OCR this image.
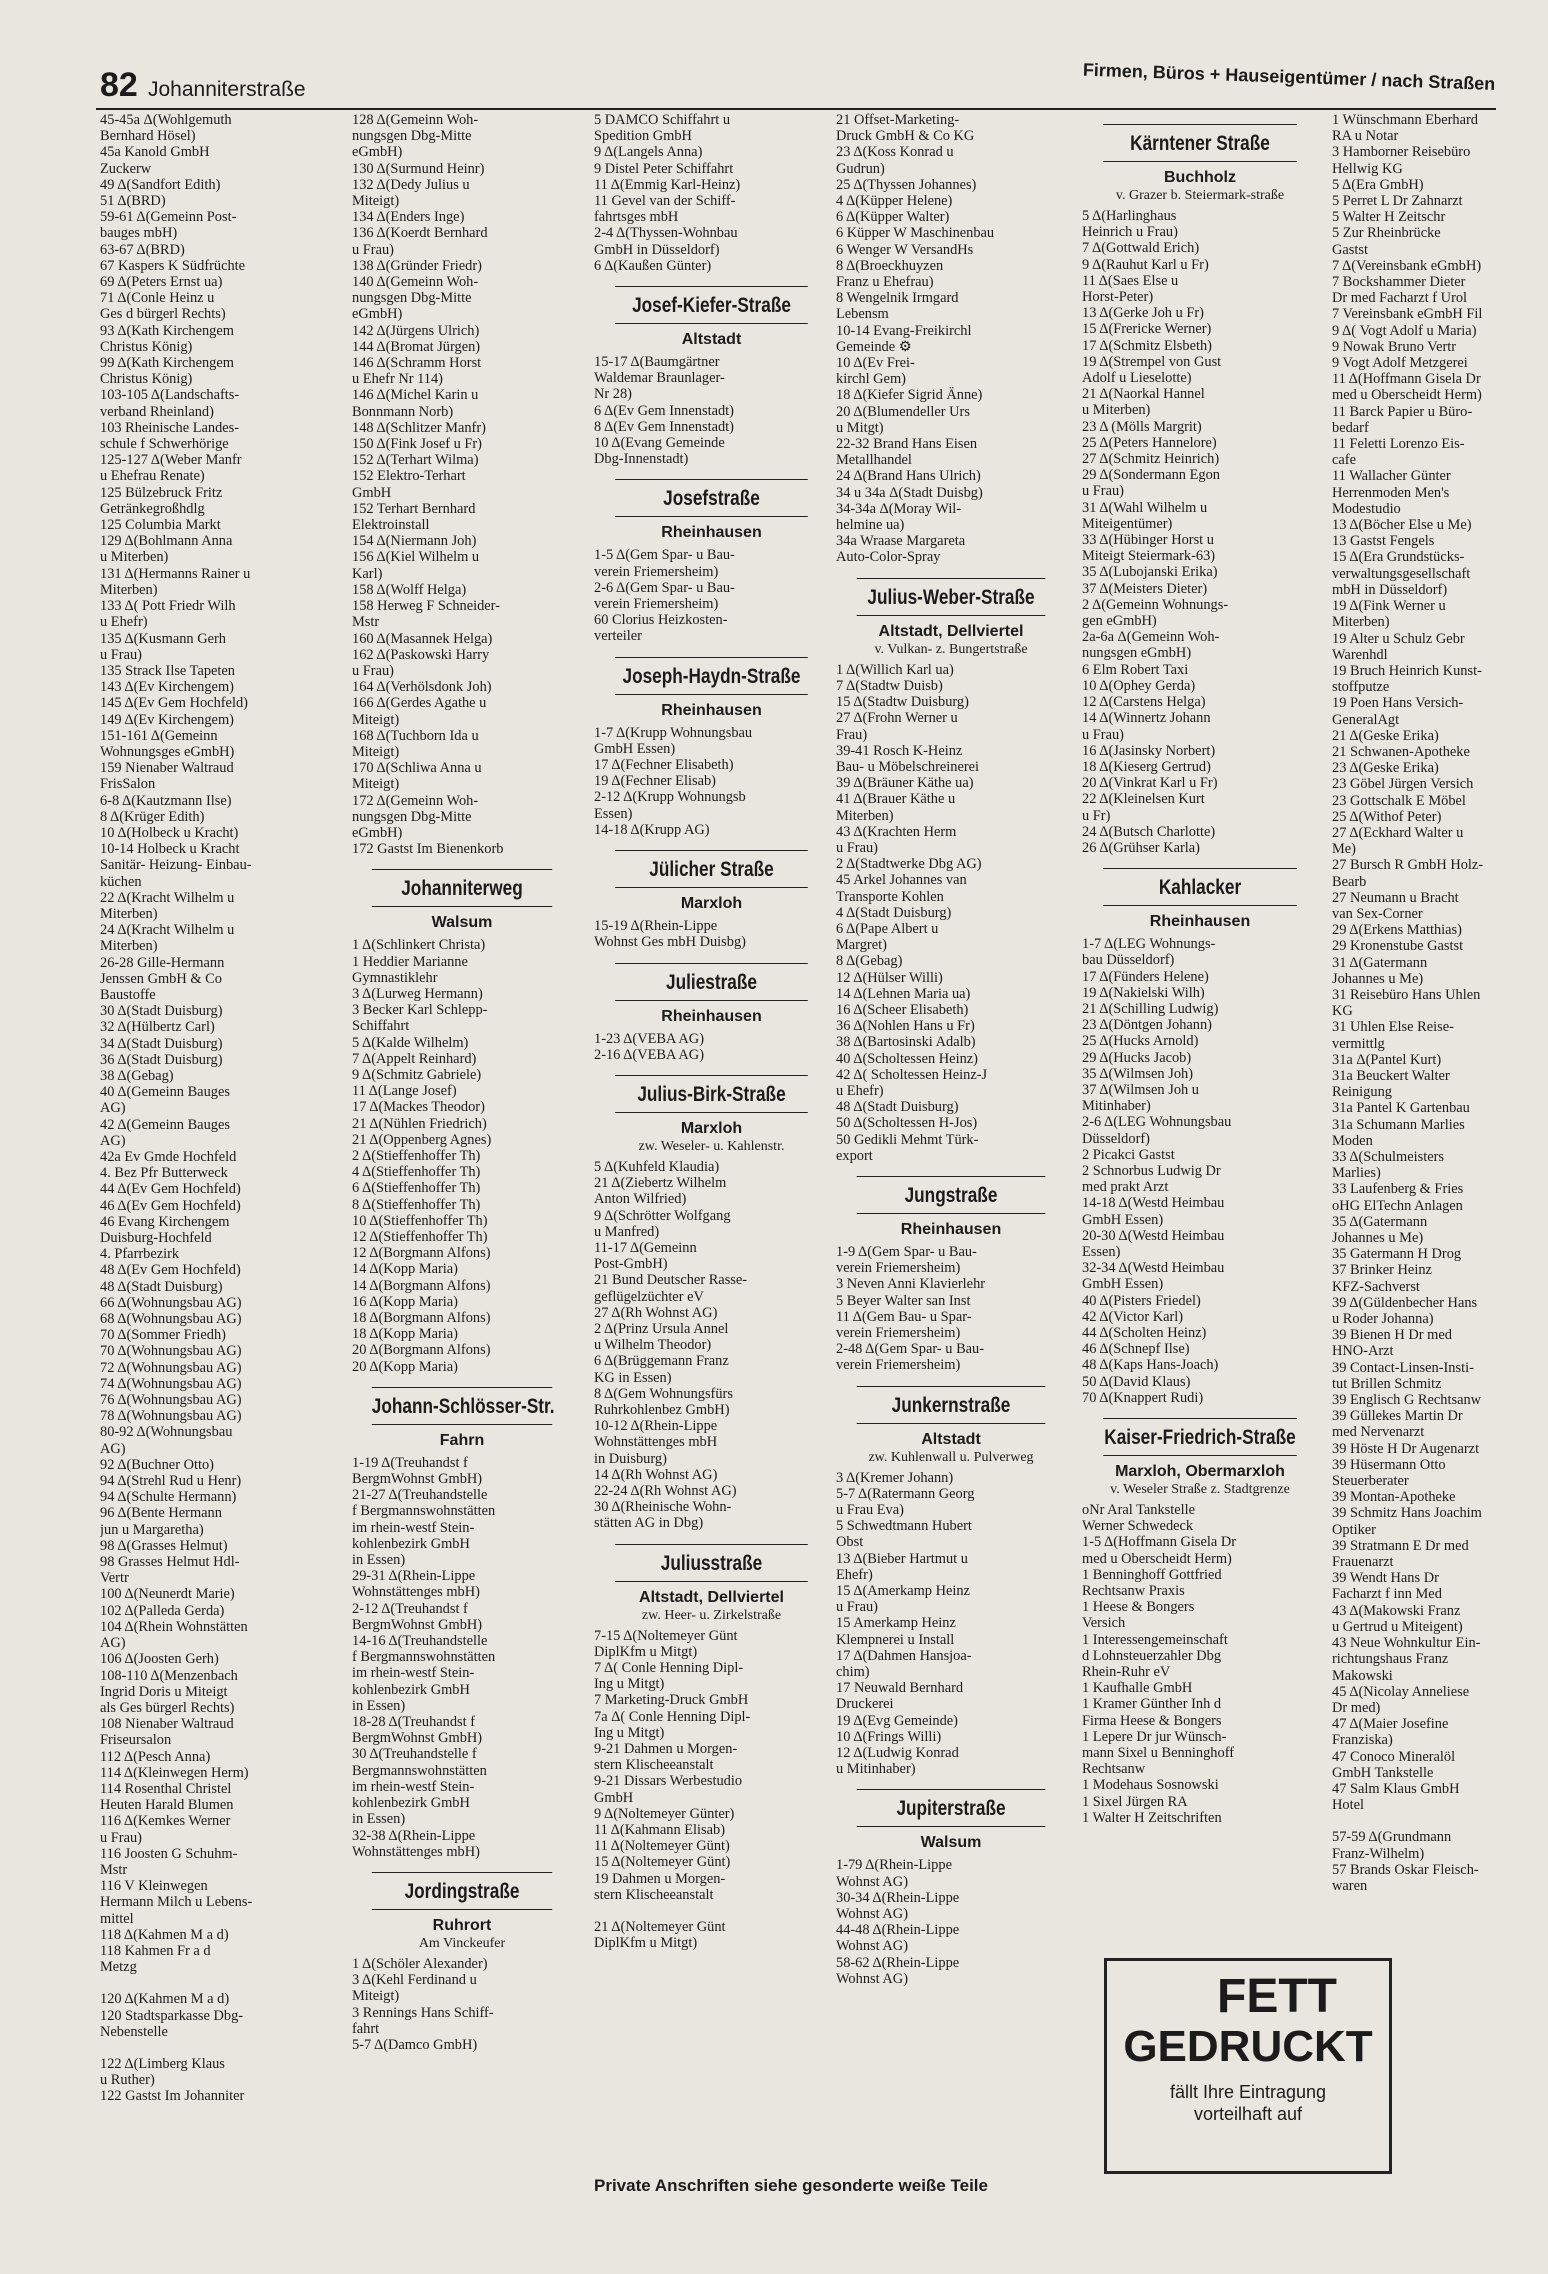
82 Johanniterstraße	Firmen, Büros + Hauseigentümer / nach Straßen
45-45a Δ(Wohlgemuth
Bernhard Hösel)
45a Kanold GmbH
Zuckerw
49 Δ(Sandfort Edith)
51 Δ(BRD)
59-61 Δ(Gemeinn Post-
bauges mbH)
63-67 Δ(BRD)
67 Kaspers K Südfrüchte
69 Δ(Peters Ernst ua)
71 Δ(Conle Heinz u
Ges d bürgerl Rechts)
93 Δ(Kath Kirchengem
Christus König)
99 Δ(Kath Kirchengem
Christus König)
103-105 Δ(Landschafts-
verband Rheinland)
103 Rheinische Landes-
schule f Schwerhörige
125-127 Δ(Weber Manfr
u Ehefrau Renate)
125 Bülzebruck Fritz
Getränkegroßhdlg
125 Columbia Markt
129 Δ(Bohlmann Anna
u Miterben)
131 Δ(Hermanns Rainer u
Miterben)
133 Δ( Pott Friedr Wilh
u Ehefr)
135 Δ(Kusmann Gerh
u Frau)
135 Strack Ilse Tapeten
143 Δ(Ev Kirchengem)
145 Δ(Ev Gem Hochfeld)
149 Δ(Ev Kirchengem)
151-161 Δ(Gemeinn
Wohnungsges eGmbH)
159 Nienaber Waltraud
FrisSalon
6-8 Δ(Kautzmann Ilse)
8 Δ(Krüger Edith)
10 Δ(Holbeck u Kracht)
10-14 Holbeck u Kracht
Sanitär- Heizung- Einbau-
küchen
22 Δ(Kracht Wilhelm u
Miterben)
24 Δ(Kracht Wilhelm u
Miterben)
26-28 Gille-Hermann
Jenssen GmbH & Co
Baustoffe
30 Δ(Stadt Duisburg)
32 Δ(Hülbertz Carl)
34 Δ(Stadt Duisburg)
36 Δ(Stadt Duisburg)
38 Δ(Gebag)
40 Δ(Gemeinn Bauges
AG)
42 Δ(Gemeinn Bauges
AG)
42a Ev Gmde Hochfeld
4. Bez Pfr Butterweck
44 Δ(Ev Gem Hochfeld)
46 Δ(Ev Gem Hochfeld)
46 Evang Kirchengem
Duisburg-Hochfeld
4. Pfarrbezirk
48 Δ(Ev Gem Hochfeld)
48 Δ(Stadt Duisburg)
66 Δ(Wohnungsbau AG)
68 Δ(Wohnungsbau AG)
70 Δ(Sommer Friedh)
70 Δ(Wohnungsbau AG)
72 Δ(Wohnungsbau AG)
74 Δ(Wohnungsbau AG)
76 Δ(Wohnungsbau AG)
78 Δ(Wohnungsbau AG)
80-92 Δ(Wohnungsbau
AG)
92 Δ(Buchner Otto)
94 Δ(Strehl Rud u Henr)
94 Δ(Schulte Hermann)
96 Δ(Bente Hermann
jun u Margaretha)
98 Δ(Grasses Helmut)
98 Grasses Helmut Hdl-
Vertr
100 Δ(Neunerdt Marie)
102 Δ(Palleda Gerda)
104 Δ(Rhein Wohnstätten
AG)
106 Δ(Joosten Gerh)
108-110 Δ(Menzenbach
Ingrid Doris u Miteigt
als Ges bürgerl Rechts)
108 Nienaber Waltraud
Friseursalon
112 Δ(Pesch Anna)
114 Δ(Kleinwegen Herm)
114 Rosenthal Christel
Heuten Harald Blumen
116 Δ(Kemkes Werner
u Frau)
116 Joosten G Schuhm-
Mstr
116 V Kleinwegen
Hermann Milch u Lebens-
mittel
118 Δ(Kahmen M a d)
118 Kahmen Fr a d
Metzg
120 Δ(Kahmen M a d)
120 Stadtsparkasse Dbg-
Nebenstelle
122 Δ(Limberg Klaus
u Ruther)
122 Gastst Im Johanniter
128 Δ(Gemeinn Woh-
nungsgen Dbg-Mitte
eGmbH)
130 Δ(Surmund Heinr)
132 Δ(Dedy Julius u
Miteigt)
134 Δ(Enders Inge)
136 Δ(Koerdt Bernhard
u Frau)
138 Δ(Gründer Friedr)
140 Δ(Gemeinn Woh-
nungsgen Dbg-Mitte
eGmbH)
142 Δ(Jürgens Ulrich)
144 Δ(Bromat Jürgen)
146 Δ(Schramm Horst
u Ehefr Nr 114)
146 Δ(Michel Karin u
Bonnmann Norb)
148 Δ(Schlitzer Manfr)
150 Δ(Fink Josef u Fr)
152 Δ(Terhart Wilma)
152 Elektro-Terhart
GmbH
152 Terhart Bernhard
Elektroinstall
154 Δ(Niermann Joh)
156 Δ(Kiel Wilhelm u
Karl)
158 Δ(Wolff Helga)
158 Herweg F Schneider-
Mstr
160 Δ(Masannek Helga)
162 Δ(Paskowski Harry
u Frau)
164 Δ(Verhölsdonk Joh)
166 Δ(Gerdes Agathe u
Miteigt)
168 Δ(Tuchborn Ida u
Miteigt)
170 Δ(Schliwa Anna u
Miteigt)
172 Δ(Gemeinn Woh-
nungsgen Dbg-Mitte
eGmbH)
172 Gastst Im Bienenkorb
Johanniterweg
Walsum
1 Δ(Schlinkert Christa)
1 Heddier Marianne
Gymnastiklehr
3 Δ(Lurweg Hermann)
3 Becker Karl Schlepp-
Schiffahrt
5 Δ(Kalde Wilhelm)
7 Δ(Appelt Reinhard)
9 Δ(Schmitz Gabriele)
11 Δ(Lange Josef)
17 Δ(Mackes Theodor)
21 Δ(Nühlen Friedrich)
21 Δ(Oppenberg Agnes)
2 Δ(Stieffenhoffer Th)
4 Δ(Stieffenhoffer Th)
6 Δ(Stieffenhoffer Th)
8 Δ(Stieffenhoffer Th)
10 Δ(Stieffenhoffer Th)
12 Δ(Stieffenhoffer Th)
12 Δ(Borgmann Alfons)
14 Δ(Kopp Maria)
14 Δ(Borgmann Alfons)
16 Δ(Kopp Maria)
18 Δ(Borgmann Alfons)
18 Δ(Kopp Maria)
20 Δ(Borgmann Alfons)
20 Δ(Kopp Maria)
Johann-Schlösser-Str.
Fahrn
1-19 Δ(Treuhandst f
BergmWohnst GmbH)
21-27 Δ(Treuhandstelle
f Bergmannswohnstätten
im rhein-westf Stein-
kohlenbezirk GmbH
in Essen)
29-31 Δ(Rhein-Lippe
Wohnstättenges mbH)
2-12 Δ(Treuhandst f
BergmWohnst GmbH)
14-16 Δ(Treuhandstelle
f Bergmannswohnstätten
im rhein-westf Stein-
kohlenbezirk GmbH
in Essen)
18-28 Δ(Treuhandst f
BergmWohnst GmbH)
30 Δ(Treuhandstelle f
Bergmannswohnstätten
im rhein-westf Stein-
kohlenbezirk GmbH
in Essen)
32-38 Δ(Rhein-Lippe
Wohnstättenges mbH)
Jordingstraße
Ruhrort
Am Vinckeufer
1 Δ(Schöler Alexander)
3 Δ(Kehl Ferdinand u
Miteigt)
3 Rennings Hans Schiff-
fahrt
5-7 Δ(Damco GmbH)
5 DAMCO Schiffahrt u
Spedition GmbH
9 Δ(Langels Anna)
9 Distel Peter Schiffahrt
11 Δ(Emmig Karl-Heinz)
11 Gevel van der Schiff-
fahrtsges mbH
2-4 Δ(Thyssen-Wohnbau
GmbH in Düsseldorf)
6 Δ(Kaußen Günter)
Josef-Kiefer-Straße
Altstadt
15-17 Δ(Baumgärtner
Waldemar Braunlager-
Nr 28)
6 Δ(Ev Gem Innenstadt)
8 Δ(Ev Gem Innenstadt)
10 Δ(Evang Gemeinde
Dbg-Innenstadt)
Josefstraße
Rheinhausen
1-5 Δ(Gem Spar- u Bau-
verein Friemersheim)
2-6 Δ(Gem Spar- u Bau-
verein Friemersheim)
60 Clorius Heizkosten-
verteiler
Joseph-Haydn-Straße
Rheinhausen
1-7 Δ(Krupp Wohnungsbau
GmbH Essen)
17 Δ(Fechner Elisabeth)
19 Δ(Fechner Elisab)
2-12 Δ(Krupp Wohnungsb
Essen)
14-18 Δ(Krupp AG)
Jülicher Straße
Marxloh
15-19 Δ(Rhein-Lippe
Wohnst Ges mbH Duisbg)
Juliestraße
Rheinhausen
1-23 Δ(VEBA AG)
2-16 Δ(VEBA AG)
Julius-Birk-Straße
Marxloh
zw. Weseler- u. Kahlenstr.
5 Δ(Kuhfeld Klaudia)
21 Δ(Ziebertz Wilhelm
Anton Wilfried)
9 Δ(Schrötter Wolfgang
u Manfred)
11-17 Δ(Gemeinn
Post-GmbH)
21 Bund Deutscher Rasse-
geflügelzüchter eV
27 Δ(Rh Wohnst AG)
2 Δ(Prinz Ursula Annel
u Wilhelm Theodor)
6 Δ(Brüggemann Franz
KG in Essen)
8 Δ(Gem Wohnungsfürs
Ruhrkohlenbez GmbH)
10-12 Δ(Rhein-Lippe
Wohnstättenges mbH
in Duisburg)
14 Δ(Rh Wohnst AG)
22-24 Δ(Rh Wohnst AG)
30 Δ(Rheinische Wohn-
stätten AG in Dbg)
Juliusstraße
Altstadt, Dellviertel
zw. Heer- u. Zirkelstraße
7-15 Δ(Noltemeyer Günt
DiplKfm u Mitgt)
7 Δ( Conle Henning Dipl-
Ing u Mitgt)
7 Marketing-Druck GmbH
7a Δ( Conle Henning Dipl-
Ing u Mitgt)
9-21 Dahmen u Morgen-
stern Klischeeanstalt
9-21 Dissars Werbestudio
GmbH
9 Δ(Noltemeyer Günter)
11 Δ(Kahmann Elisab)
11 Δ(Noltemeyer Günt)
15 Δ(Noltemeyer Günt)
19 Dahmen u Morgen-
stern Klischeeanstalt
21 Δ(Noltemeyer Günt
DiplKfm u Mitgt)
21 Offset-Marketing-
Druck GmbH & Co KG
23 Δ(Koss Konrad u
Gudrun)
25 Δ(Thyssen Johannes)
4 Δ(Küpper Helene)
6 Δ(Küpper Walter)
6 Küpper W Maschinenbau
6 Wenger W VersandHs
8 Δ(Broeckhuyzen
Franz u Ehefrau)
8 Wengelnik Irmgard
Lebensm
10-14 Evang-Freikirchl
Gemeinde ⚙
10 Δ(Ev Frei-
kirchl Gem)
18 Δ(Kiefer Sigrid Änne)
20 Δ(Blumendeller Urs
u Mitgt)
22-32 Brand Hans Eisen
Metallhandel
24 Δ(Brand Hans Ulrich)
34 u 34a Δ(Stadt Duisbg)
34-34a Δ(Moray Wil-
helmine ua)
34a Wraase Margareta
Auto-Color-Spray
Julius-Weber-Straße
Altstadt, Dellviertel
v. Vulkan- z. Bungertstraße
1 Δ(Willich Karl ua)
7 Δ(Stadtw Duisb)
15 Δ(Stadtw Duisburg)
27 Δ(Frohn Werner u
Frau)
39-41 Rosch K-Heinz
Bau- u Möbelschreinerei
39 Δ(Bräuner Käthe ua)
41 Δ(Brauer Käthe u
Miterben)
43 Δ(Krachten Herm
u Frau)
2 Δ(Stadtwerke Dbg AG)
45 Arkel Johannes van
Transporte Kohlen
4 Δ(Stadt Duisburg)
6 Δ(Pape Albert u
Margret)
8 Δ(Gebag)
12 Δ(Hülser Willi)
14 Δ(Lehnen Maria ua)
16 Δ(Scheer Elisabeth)
36 Δ(Nohlen Hans u Fr)
38 Δ(Bartosinski Adalb)
40 Δ(Scholtessen Heinz)
42 Δ( Scholtessen Heinz-J
u Ehefr)
48 Δ(Stadt Duisburg)
50 Δ(Scholtessen H-Jos)
50 Gedikli Mehmt Türk-
export
Jungstraße
Rheinhausen
1-9 Δ(Gem Spar- u Bau-
verein Friemersheim)
3 Neven Anni Klavierlehr
5 Beyer Walter san Inst
11 Δ(Gem Bau- u Spar-
verein Friemersheim)
2-48 Δ(Gem Spar- u Bau-
verein Friemersheim)
Junkernstraße
Altstadt
zw. Kuhlenwall u. Pulverweg
3 Δ(Kremer Johann)
5-7 Δ(Ratermann Georg
u Frau Eva)
5 Schwedtmann Hubert
Obst
13 Δ(Bieber Hartmut u
Ehefr)
15 Δ(Amerkamp Heinz
u Frau)
15 Amerkamp Heinz
Klempnerei u Install
17 Δ(Dahmen Hansjoa-
chim)
17 Neuwald Bernhard
Druckerei
19 Δ(Evg Gemeinde)
10 Δ(Frings Willi)
12 Δ(Ludwig Konrad
u Mitinhaber)
Jupiterstraße
Walsum
1-79 Δ(Rhein-Lippe
Wohnst AG)
30-34 Δ(Rhein-Lippe
Wohnst AG)
44-48 Δ(Rhein-Lippe
Wohnst AG)
58-62 Δ(Rhein-Lippe
Wohnst AG)
Kärntener Straße
Buchholz
v. Grazer b. Steiermark-straße
5 Δ(Harlinghaus
Heinrich u Frau)
7 Δ(Gottwald Erich)
9 Δ(Rauhut Karl u Fr)
11 Δ(Saes Else u
Horst-Peter)
13 Δ(Gerke Joh u Fr)
15 Δ(Frericke Werner)
17 Δ(Schmitz Elsbeth)
19 Δ(Strempel von Gust
Adolf u Lieselotte)
21 Δ(Naorkal Hannel
u Miterben)
23 Δ (Mölls Margrit)
25 Δ(Peters Hannelore)
27 Δ(Schmitz Heinrich)
29 Δ(Sondermann Egon
u Frau)
31 Δ(Wahl Wilhelm u
Miteigentümer)
33 Δ(Hübinger Horst u
Miteigt Steiermark-63)
35 Δ(Lubojanski Erika)
37 Δ(Meisters Dieter)
2 Δ(Gemeinn Wohnungs-
gen eGmbH)
2a-6a Δ(Gemeinn Woh-
nungsgen eGmbH)
6 Elm Robert Taxi
10 Δ(Ophey Gerda)
12 Δ(Carstens Helga)
14 Δ(Winnertz Johann
u Frau)
16 Δ(Jasinsky Norbert)
18 Δ(Kieserg Gertrud)
20 Δ(Vinkrat Karl u Fr)
22 Δ(Kleinelsen Kurt
u Fr)
24 Δ(Butsch Charlotte)
26 Δ(Grühser Karla)
Kahlacker
Rheinhausen
1-7 Δ(LEG Wohnungs-
bau Düsseldorf)
17 Δ(Fünders Helene)
19 Δ(Nakielski Wilh)
21 Δ(Schilling Ludwig)
23 Δ(Döntgen Johann)
25 Δ(Hucks Arnold)
29 Δ(Hucks Jacob)
35 Δ(Wilmsen Joh)
37 Δ(Wilmsen Joh u
Mitinhaber)
2-6 Δ(LEG Wohnungsbau
Düsseldorf)
2 Picakci Gastst
2 Schnorbus Ludwig Dr
med prakt Arzt
14-18 Δ(Westd Heimbau
GmbH Essen)
20-30 Δ(Westd Heimbau
Essen)
32-34 Δ(Westd Heimbau
GmbH Essen)
40 Δ(Pisters Friedel)
42 Δ(Victor Karl)
44 Δ(Scholten Heinz)
46 Δ(Schnepf Ilse)
48 Δ(Kaps Hans-Joach)
50 Δ(David Klaus)
70 Δ(Knappert Rudi)
Kaiser-Friedrich-Straße
Marxloh, Obermarxloh
v. Weseler Straße z. Stadtgrenze
oNr Aral Tankstelle
Werner Schwedeck
1-5 Δ(Hoffmann Gisela Dr
med u Oberscheidt Herm)
1 Benninghoff Gottfried
Rechtsanw Praxis
1 Heese & Bongers
Versich
1 Interessengemeinschaft
d Lohnsteuerzahler Dbg
Rhein-Ruhr eV
1 Kaufhalle GmbH
1 Kramer Günther Inh d
Firma Heese & Bongers
1 Lepere Dr jur Wünsch-
mann Sixel u Benninghoff
Rechtsanw
1 Modehaus Sosnowski
1 Sixel Jürgen RA
1 Walter H Zeitschriften
1 Wünschmann Eberhard
RA u Notar
3 Hamborner Reisebüro
Hellwig KG
5 Δ(Era GmbH)
5 Perret L Dr Zahnarzt
5 Walter H Zeitschr
5 Zur Rheinbrücke
Gastst
7 Δ(Vereinsbank eGmbH)
7 Bockshammer Dieter
Dr med Facharzt f Urol
7 Vereinsbank eGmbH Fil
9 Δ( Vogt Adolf u Maria)
9 Nowak Bruno Vertr
9 Vogt Adolf Metzgerei
11 Δ(Hoffmann Gisela Dr
med u Oberscheidt Herm)
11 Barck Papier u Büro-
bedarf
11 Feletti Lorenzo Eis-
cafe
11 Wallacher Günter
Herrenmoden Men's
Modestudio
13 Δ(Böcher Else u Me)
13 Gastst Fengels
15 Δ(Era Grundstücks-
verwaltungsgesellschaft
mbH in Düsseldorf)
19 Δ(Fink Werner u
Miterben)
19 Alter u Schulz Gebr
Warenhdl
19 Bruch Heinrich Kunst-
stoffputze
19 Poen Hans Versich-
GeneralAgt
21 Δ(Geske Erika)
21 Schwanen-Apotheke
23 Δ(Geske Erika)
23 Göbel Jürgen Versich
23 Gottschalk E Möbel
25 Δ(Withof Peter)
27 Δ(Eckhard Walter u
Me)
27 Bursch R GmbH Holz-
Bearb
27 Neumann u Bracht
van Sex-Corner
29 Δ(Erkens Matthias)
29 Kronenstube Gastst
31 Δ(Gatermann
Johannes u Me)
31 Reisebüro Hans Uhlen
KG
31 Uhlen Else Reise-
vermittlg
31a Δ(Pantel Kurt)
31a Beuckert Walter
Reinigung
31a Pantel K Gartenbau
31a Schumann Marlies
Moden
33 Δ(Schulmeisters
Marlies)
33 Laufenberg & Fries
oHG ElTechn Anlagen
35 Δ(Gatermann
Johannes u Me)
35 Gatermann H Drog
37 Brinker Heinz
KFZ-Sachverst
39 Δ(Güldenbecher Hans
u Roder Johanna)
39 Bienen H Dr med
HNO-Arzt
39 Contact-Linsen-Insti-
tut Brillen Schmitz
39 Englisch G Rechtsanw
39 Güllekes Martin Dr
med Nervenarzt
39 Höste H Dr Augenarzt
39 Hüsermann Otto
Steuerberater
39 Montan-Apotheke
39 Schmitz Hans Joachim
Optiker
39 Stratmann E Dr med
Frauenarzt
39 Wendt Hans Dr
Facharzt f inn Med
43 Δ(Makowski Franz
u Gertrud u Miteigent)
43 Neue Wohnkultur Ein-
richtungshaus Franz
Makowski
45 Δ(Nicolay Anneliese
Dr med)
47 Δ(Maier Josefine
Franziska)
47 Conoco Mineralöl
GmbH Tankstelle
47 Salm Klaus GmbH
Hotel
57-59 Δ(Grundmann
Franz-Wilhelm)
57 Brands Oskar Fleisch-
waren
FETT
GEDRUCKT
fällt Ihre Eintragung
vorteilhaft auf
Private Anschriften siehe gesonderte weiße Teile
